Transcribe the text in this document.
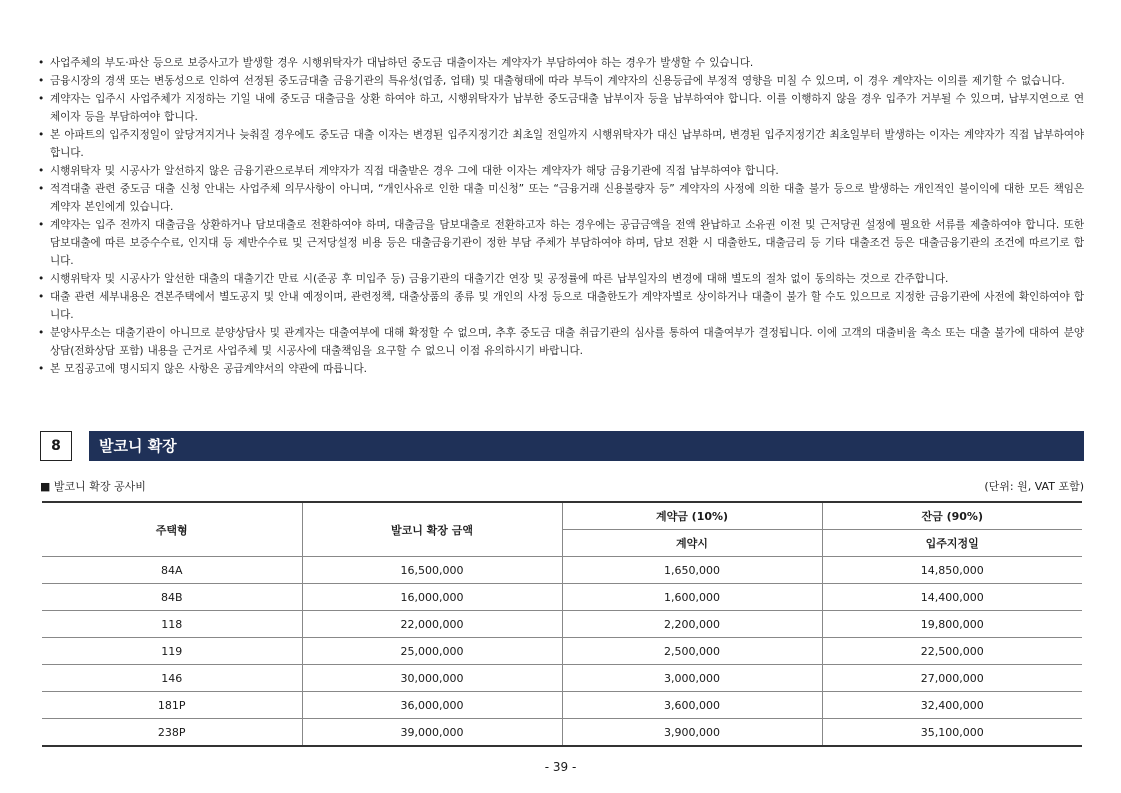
• 사업주체의 부도·파산 등으로 보증사고가 발생할 경우 시행위탁자가 대납하던 중도금 대출이자는 계약자가 부담하여야 하는 경우가 발생할 수 있습니다.
• 금융시장의 경색 또는 변동성으로 인하여 선정된 중도금대출 금융기관의 특유성(업종, 업태) 및 대출형태에 따라 부득이 계약자의 신용등급에 부정적 영향을 미칠 수 있으며, 이 경우 계약자는 이의를 제기할 수 없습니다.
• 계약자는 입주시 사업주체가 지정하는 기일 내에 중도금 대출금을 상환 하여야 하고, 시행위탁자가 납부한 중도금대출 납부이자 등을 납부하여야 합니다. 이를 이행하지 않을 경우 입주가 거부될 수 있으며, 납부지연으로 연체이자 등을 부담하여야 합니다.
• 본 아파트의 입주지정일이 앞당겨지거나 늦춰질 경우에도 중도금 대출 이자는 변경된 입주지정기간 최초일 전일까지 시행위탁자가 대신 납부하며, 변경된 입주지정기간 최초일부터 발생하는 이자는 계약자가 직접 납부하여야 합니다.
• 시행위탁자 및 시공사가 알선하지 않은 금융기관으로부터 계약자가 직접 대출받은 경우 그에 대한 이자는 계약자가 해당 금융기관에 직접 납부하여야 합니다.
• 적격대출 관련 중도금 대출 신청 안내는 사업주체 의무사항이 아니며, “개인사유로 인한 대출 미신청” 또는 “금융거래 신용불량자 등” 계약자의 사정에 의한 대출 불가 등으로 발생하는 개인적인 불이익에 대한 모든 책임은 계약자 본인에게 있습니다.
• 계약자는 입주 전까지 대출금을 상환하거나 담보대출로 전환하여야 하며, 대출금을 담보대출로 전환하고자 하는 경우에는 공급금액을 전액 완납하고 소유권 이전 및 근저당권 설정에 필요한 서류를 제출하여야 합니다. 또한 담보대출에 따른 보증수수료, 인지대 등 제반수수료 및 근저당설정 비용 등은 대출금융기관이 정한 부담 주체가 부담하여야 하며, 담보 전환 시 대출한도, 대출금리 등 기타 대출조건 등은 대출금융기관의 조건에 따르기로 합니다.
• 시행위탁자 및 시공사가 알선한 대출의 대출기간 만료 시(준공 후 미입주 등) 금융기관의 대출기간 연장 및 공정률에 따른 납부일자의 변경에 대해 별도의 절차 없이 동의하는 것으로 간주합니다.
• 대출 관련 세부내용은 견본주택에서 별도공지 및 안내 예정이며, 관련정책, 대출상품의 종류 및 개인의 사정 등으로 대출한도가 계약자별로 상이하거나 대출이 불가 할 수도 있으므로 지정한 금융기관에 사전에 확인하여야 합니다.
• 분양사무소는 대출기관이 아니므로 분양상담사 및 관계자는 대출여부에 대해 확정할 수 없으며, 추후 중도금 대출 취급기관의 심사를 통하여 대출여부가 결정됩니다. 이에 고객의 대출비율 축소 또는 대출 불가에 대하여 분양상담(전화상담 포함) 내용을 근거로 사업주체 및 시공사에 대출책임을 요구할 수 없으니 이점 유의하시기 바랍니다.
• 본 모집공고에 명시되지 않은 사항은 공급계약서의 약관에 따릅니다.
8	발코니 확장
■ 발코니 확장 공사비	(단위: 원, VAT 포함)
주택형	발코니 확장 금액	계약금 (10%)	잔금 (90%)
		계약시	입주지정일
84A	16,500,000	1,650,000	14,850,000
84B	16,000,000	1,600,000	14,400,000
118	22,000,000	2,200,000	19,800,000
119	25,000,000	2,500,000	22,500,000
146	30,000,000	3,000,000	27,000,000
181P	36,000,000	3,600,000	32,400,000
238P	39,000,000	3,900,000	35,100,000
- 39 -
